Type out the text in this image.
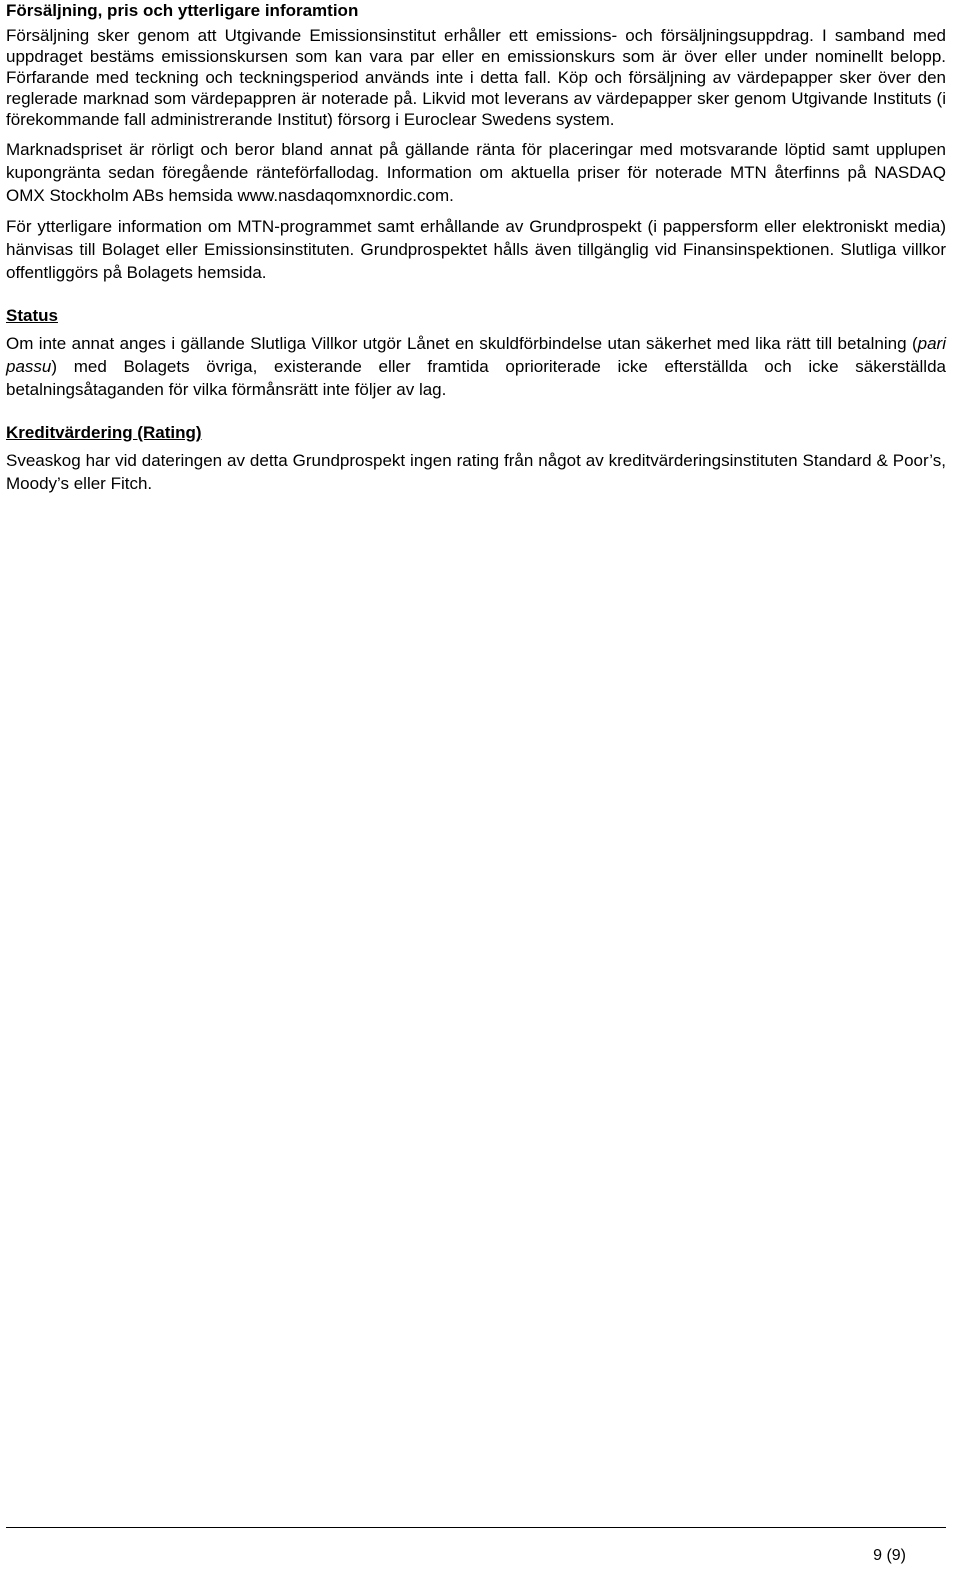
Försäljning, pris och ytterligare inforamtion

Försäljning sker genom att Utgivande Emissionsinstitut erhåller ett emissions- och försäljningsuppdrag. I samband med uppdraget bestäms emissionskursen som kan vara par eller en emissionskurs som är över eller under nominellt belopp. Förfarande med teckning och teckningsperiod används inte i detta fall. Köp och försäljning av värdepapper sker över den reglerade marknad som värdepappren är noterade på. Likvid mot leverans av värdepapper sker genom Utgivande Instituts (i förekommande fall administrerande Institut) försorg i Euroclear Swedens system.

Marknadspriset är rörligt och beror bland annat på gällande ränta för placeringar med motsvarande löptid samt upplupen kupongränta sedan föregående ränteförfallodag. Information om aktuella priser för noterade MTN återfinns på NASDAQ OMX Stockholm ABs hemsida www.nasdaqomxnordic.com.

För ytterligare information om MTN-programmet samt erhållande av Grundprospekt (i pappersform eller elektroniskt media) hänvisas till Bolaget eller Emissionsinstituten. Grundprospektet hålls även tillgänglig vid Finansinspektionen. Slutliga villkor offentliggörs på Bolagets hemsida.

Status

Om inte annat anges i gällande Slutliga Villkor utgör Lånet en skuldförbindelse utan säkerhet med lika rätt till betalning (pari passu) med Bolagets övriga, existerande eller framtida oprioriterade icke efterställda och icke säkerställda betalningsåtaganden för vilka förmånsrätt inte följer av lag.

Kreditvärdering (Rating)

Sveaskog har vid dateringen av detta Grundprospekt ingen rating från något av kreditvärderingsinstituten Standard & Poor’s, Moody’s eller Fitch.

9 (9)
